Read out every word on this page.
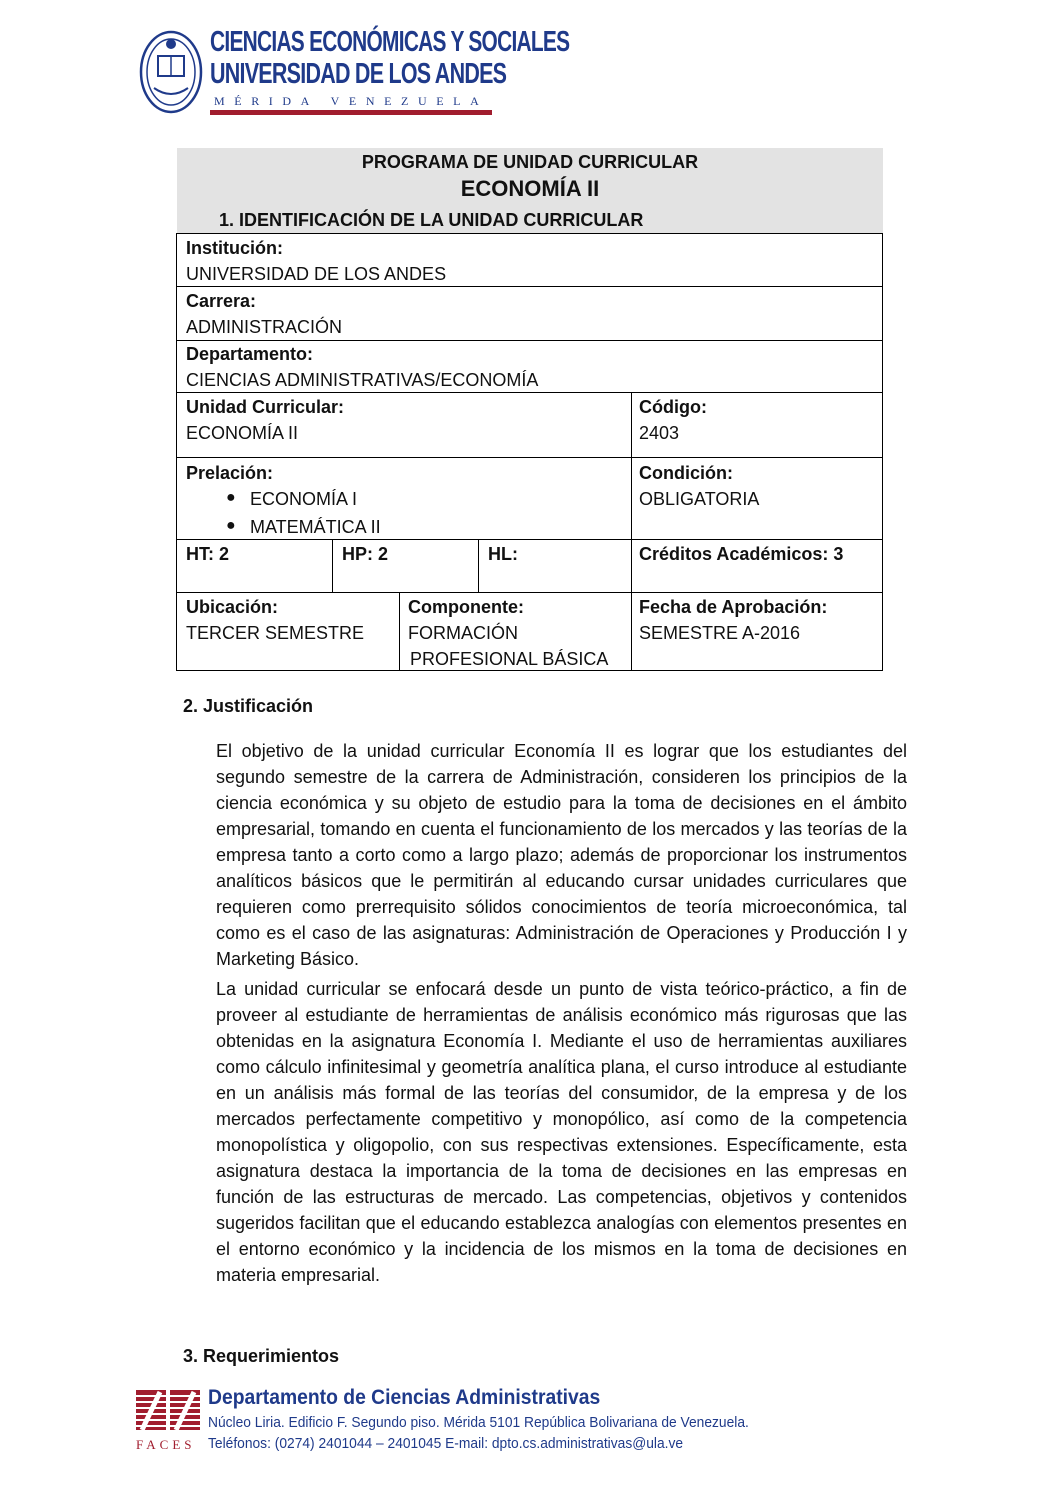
CIENCIAS ECONÓMICAS Y SOCIALES
UNIVERSIDAD DE LOS ANDES
MÉRIDA VENEZUELA
PROGRAMA DE UNIDAD CURRICULAR
ECONOMÍA II
1. IDENTIFICACIÓN DE LA UNIDAD CURRICULAR
Institución:
UNIVERSIDAD DE LOS ANDES
Carrera:
ADMINISTRACIÓN
Departamento:
CIENCIAS ADMINISTRATIVAS/ECONOMÍA
Unidad Curricular:
ECONOMÍA II
Código:
2403
Prelación:
● ECONOMÍA I
● MATEMÁTICA II
Condición:
OBLIGATORIA
HT: 2	HP: 2	HL:	Créditos Académicos: 3
Ubicación:
TERCER SEMESTRE
Componente:
FORMACIÓN
PROFESIONAL BÁSICA
Fecha de Aprobación:
SEMESTRE A-2016
2. Justificación
El objetivo de la unidad curricular Economía II es lograr que los estudiantes del segundo semestre de la carrera de Administración, consideren los principios de la ciencia económica y su objeto de estudio para la toma de decisiones en el ámbito empresarial, tomando en cuenta el funcionamiento de los mercados y las teorías de la empresa tanto a corto como a largo plazo; además de proporcionar los instrumentos analíticos básicos que le permitirán al educando cursar unidades curriculares que requieren como prerrequisito sólidos conocimientos de teoría microeconómica, tal como es el caso de las asignaturas: Administración de Operaciones y Producción I y Marketing Básico.
La unidad curricular se enfocará desde un punto de vista teórico-práctico, a fin de proveer al estudiante de herramientas de análisis económico más rigurosas que las obtenidas en la asignatura Economía I. Mediante el uso de herramientas auxiliares como cálculo infinitesimal y geometría analítica plana, el curso introduce al estudiante en un análisis más formal de las teorías del consumidor, de la empresa y de los mercados perfectamente competitivo y monopólico, así como de la competencia monopolística y oligopolio, con sus respectivas extensiones. Específicamente, esta asignatura destaca la importancia de la toma de decisiones en las empresas en función de las estructuras de mercado. Las competencias, objetivos y contenidos sugeridos facilitan que el educando establezca analogías con elementos presentes en el entorno económico y la incidencia de los mismos en la toma de decisiones en materia empresarial.
3. Requerimientos
FACES
Departamento de Ciencias Administrativas
Núcleo Liria. Edificio F. Segundo piso. Mérida 5101 República Bolivariana de Venezuela.
Teléfonos: (0274) 2401044 – 2401045 E-mail: dpto.cs.administrativas@ula.ve
